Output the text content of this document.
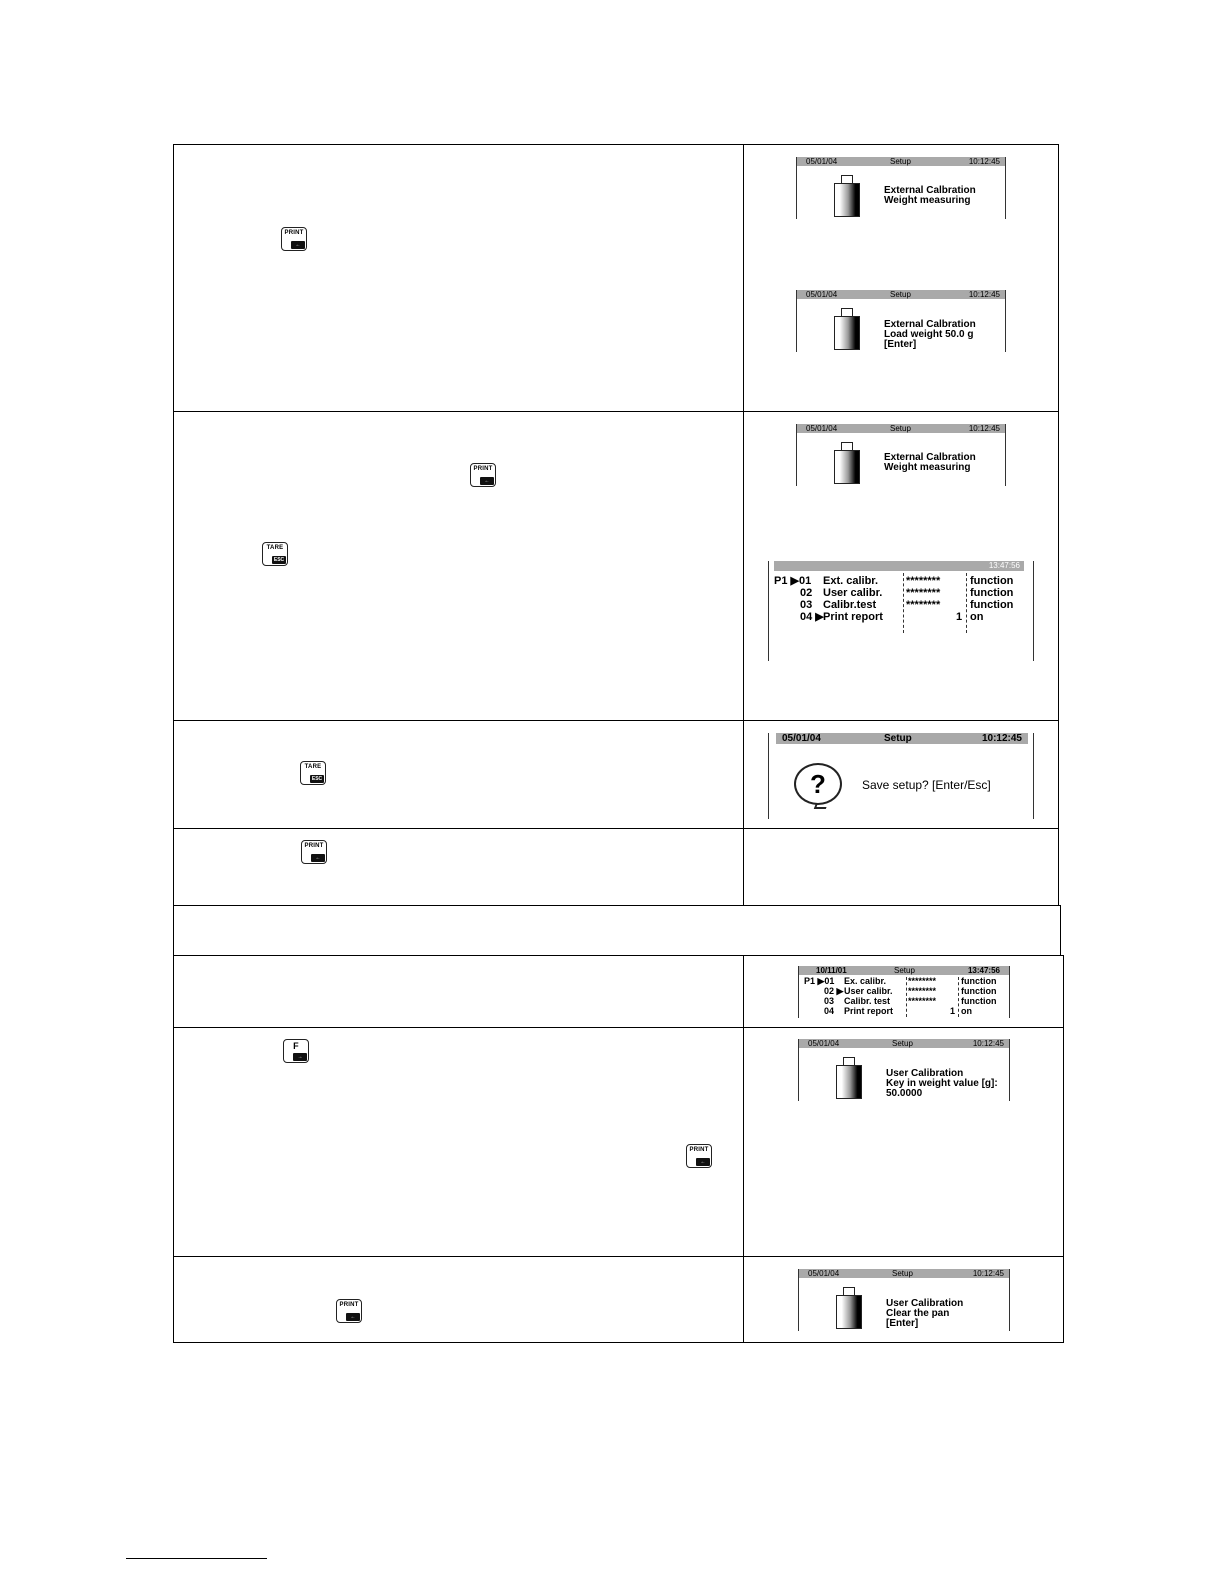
PRINT
←
PRINT
←
TARE
ESC
TARE
ESC
PRINT
←
F
→
PRINT
←
PRINT
←
05/01/04	Setup	10:12:45
External Calbration
Weight measuring
05/01/04	Setup	10:12:45
External Calbration
Load weight 50.0 g
[Enter]
05/01/04	Setup	10:12:45
External Calbration
Weight measuring
13:47:56
P1 ▶01 Ext. calibr.	********	function
02 User calibr. ********	function
03 Calibr.test	********	function
04 ▶ Print report	1 on
05/01/04	Setup	10:12:45
?	Save setup? [Enter/Esc]
10/11/01	Setup	13:47:56
P1 ▶01 Ex. calibr. ********	function
02 ▶ User calibr. ********	function
03 Calibr. test ********	function
04 Print report	1 on
05/01/04	Setup	10:12:45
User Calibration
Key in weight value [g]:
50.0000
05/01/04	Setup	10:12:45
User Calibration
Clear the pan
[Enter]
